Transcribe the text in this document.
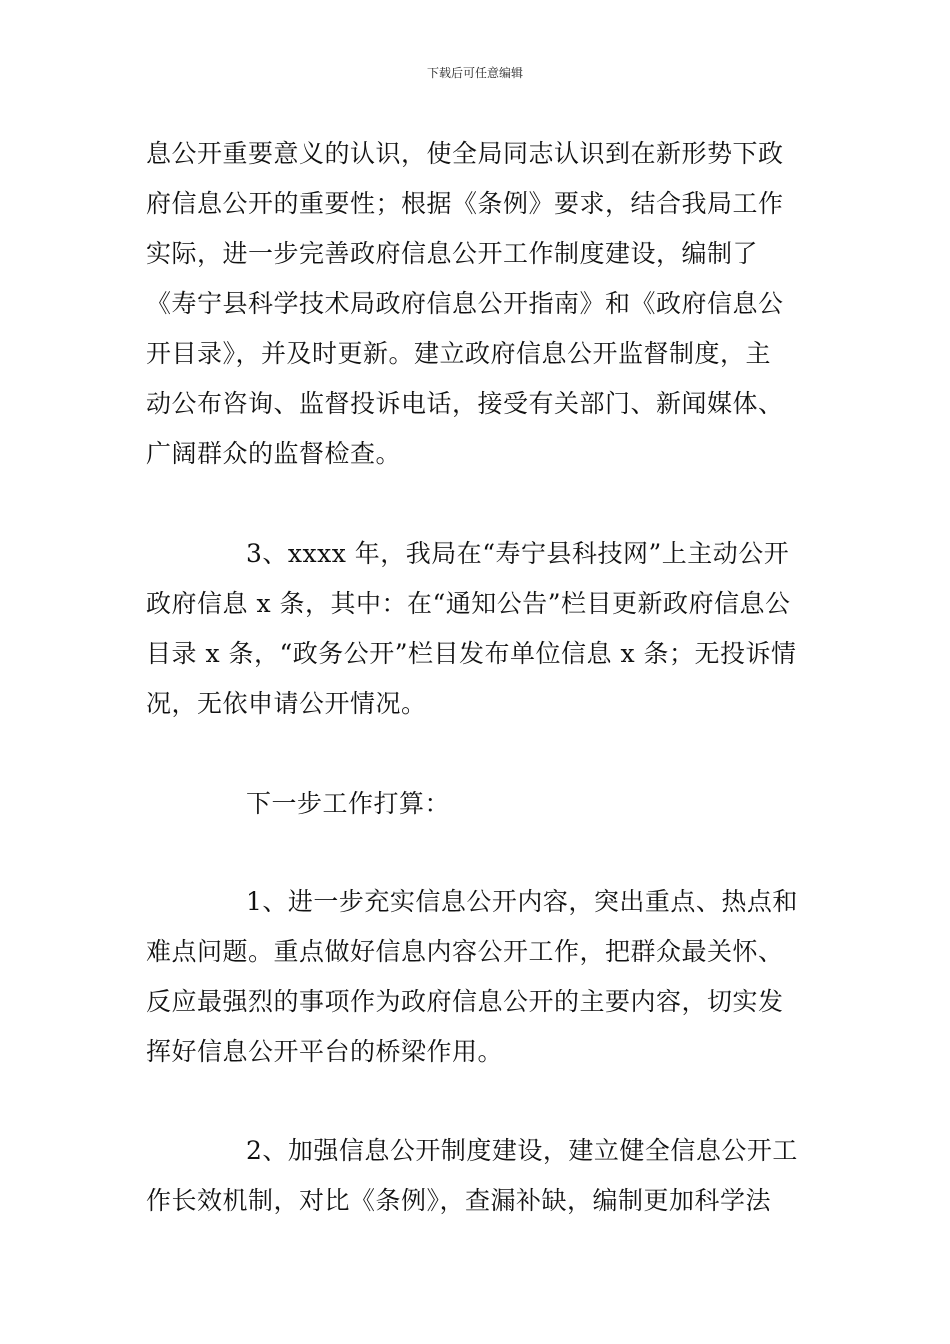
下载后可任意编辑
息公开重要意义的认识，使全局同志认识到在新形势下政
府信息公开的重要性；根据《条例》要求，结合我局工作
实际，进一步完善政府信息公开工作制度建设，编制了
《寿宁县科学技术局政府信息公开指南》和《政府信息公
开目录》，并及时更新。建立政府信息公开监督制度，主
动公布咨询、监督投诉电话，接受有关部门、新闻媒体、
广阔群众的监督检查。
3、xxxx 年，我局在“寿宁县科技网”上主动公开
政府信息 x 条，其中：在“通知公告”栏目更新政府信息公
目录 x 条，“政务公开”栏目发布单位信息 x 条；无投诉情
况，无依申请公开情况。
下一步工作打算：
1、进一步充实信息公开内容，突出重点、热点和
难点问题。重点做好信息内容公开工作，把群众最关怀、
反应最强烈的事项作为政府信息公开的主要内容，切实发
挥好信息公开平台的桥梁作用。
2、加强信息公开制度建设，建立健全信息公开工
作长效机制，对比《条例》，查漏补缺，编制更加科学法
